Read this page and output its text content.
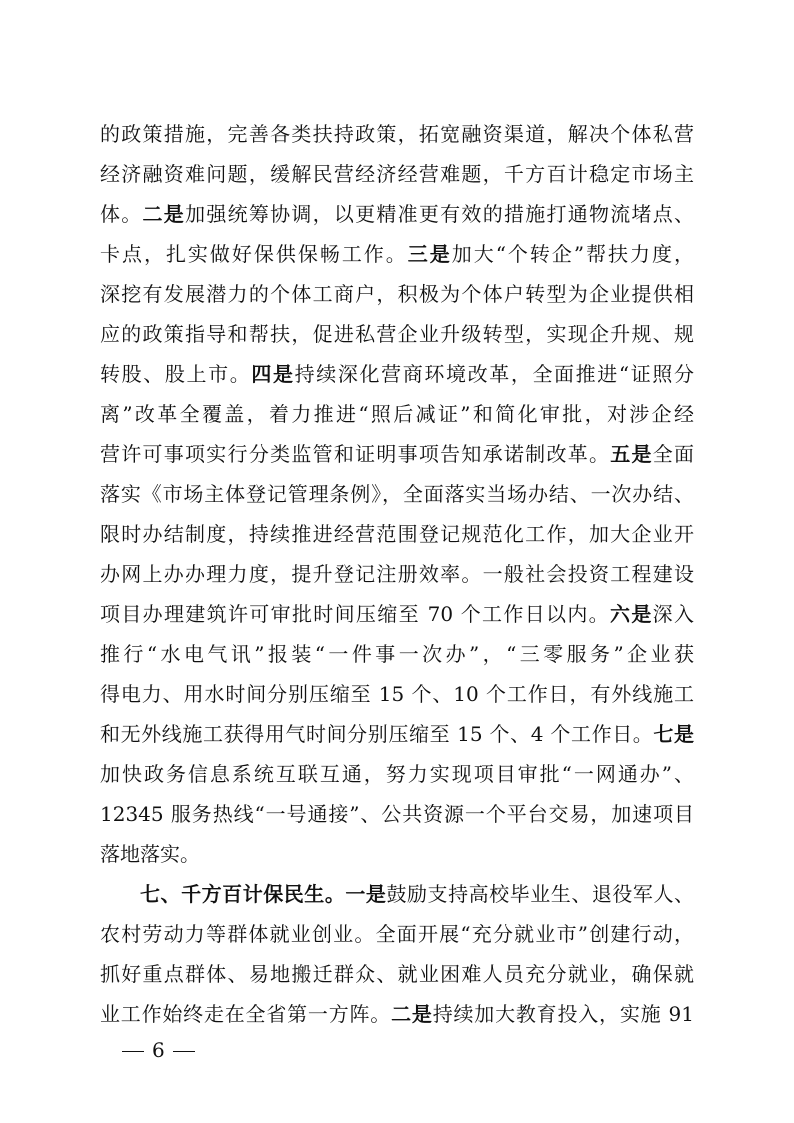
的政策措施，完善各类扶持政策，拓宽融资渠道，解决个体私营
经济融资难问题，缓解民营经济经营难题，千方百计稳定市场主
体。二是加强统筹协调，以更精准更有效的措施打通物流堵点、
卡点，扎实做好保供保畅工作。三是加大“个转企”帮扶力度，
深挖有发展潜力的个体工商户，积极为个体户转型为企业提供相
应的政策指导和帮扶，促进私营企业升级转型，实现企升规、规
转股、股上市。四是持续深化营商环境改革，全面推进“证照分
离”改革全覆盖，着力推进“照后减证”和简化审批，对涉企经
营许可事项实行分类监管和证明事项告知承诺制改革。五是全面
落实《市场主体登记管理条例》，全面落实当场办结、一次办结、
限时办结制度，持续推进经营范围登记规范化工作，加大企业开
办网上办办理力度，提升登记注册效率。一般社会投资工程建设
项目办理建筑许可审批时间压缩至 70 个工作日以内。六是深入
推行“水电气讯”报装“一件事一次办”，“三零服务”企业获
得电力、用水时间分别压缩至 15 个、10 个工作日，有外线施工
和无外线施工获得用气时间分别压缩至 15 个、4 个工作日。七是
加快政务信息系统互联互通，努力实现项目审批“一网通办”、
12345 服务热线“一号通接”、公共资源一个平台交易，加速项目
落地落实。
七、千方百计保民生。一是鼓励支持高校毕业生、退役军人、
农村劳动力等群体就业创业。全面开展“充分就业市”创建行动，
抓好重点群体、易地搬迁群众、就业困难人员充分就业，确保就
业工作始终走在全省第一方阵。二是持续加大教育投入，实施 91
6
